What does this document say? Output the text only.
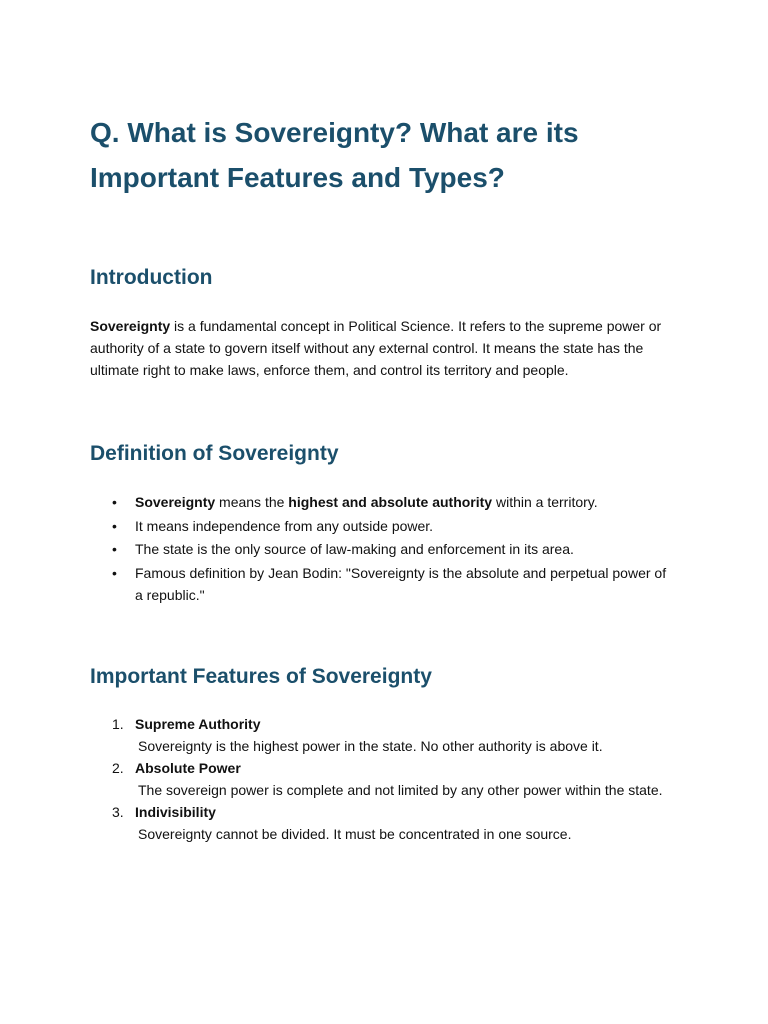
Q. What is Sovereignty? What are its Important Features and Types?
Introduction

Sovereignty is a fundamental concept in Political Science. It refers to the supreme power or authority of a state to govern itself without any external control. It means the state has the ultimate right to make laws, enforce them, and control its territory and people.

Definition of Sovereignty
• Sovereignty means the highest and absolute authority within a territory.
• It means independence from any outside power.
• The state is the only source of law-making and enforcement in its area.
• Famous definition by Jean Bodin: "Sovereignty is the absolute and perpetual power of a republic."
Important Features of Sovereignty
1. Supreme Authority
Sovereignty is the highest power in the state. No other authority is above it.
2. Absolute Power
The sovereign power is complete and not limited by any other power within the state.
3. Indivisibility
Sovereignty cannot be divided. It must be concentrated in one source.
